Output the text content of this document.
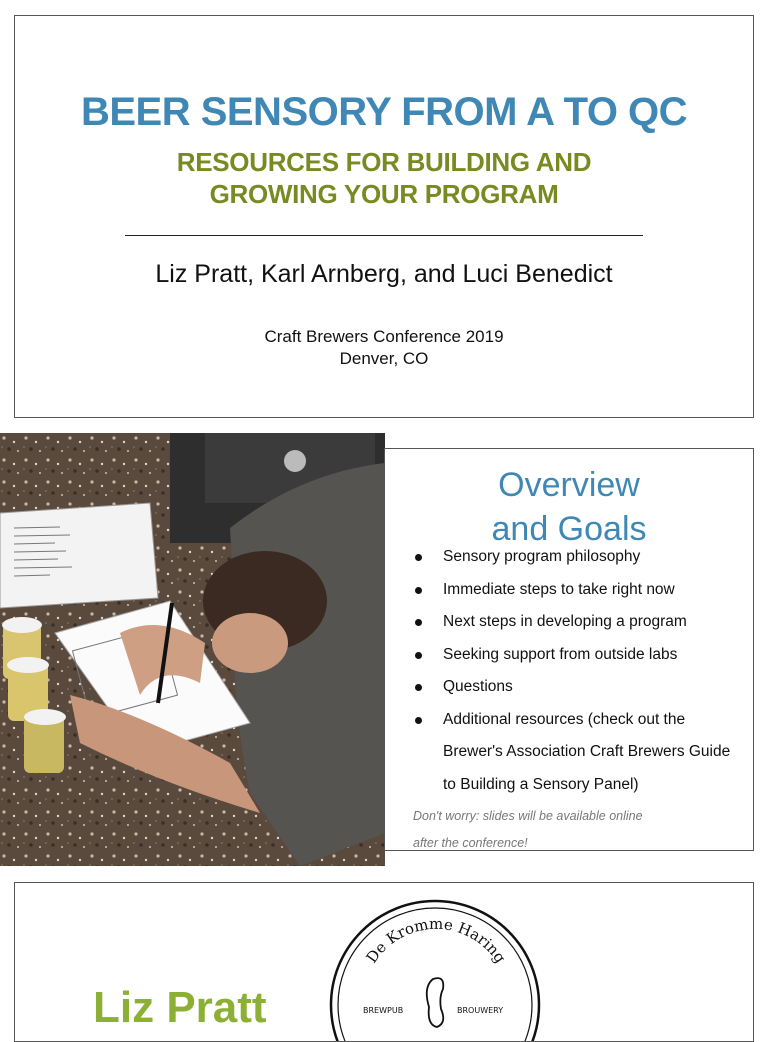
BEER SENSORY FROM A TO QC
RESOURCES FOR BUILDING AND
GROWING YOUR PROGRAM
Liz Pratt, Karl Arnberg, and Luci Benedict
Craft Brewers Conference 2019
Denver, CO
Overview
and Goals
Sensory program philosophy
Immediate steps to take right now
Next steps in developing a program
Seeking support from outside labs
Questions
Additional resources (check out the Brewer's Association Craft Brewers Guide to Building a Sensory Panel)
Don't worry: slides will be available online
after the conference!
Liz Pratt
De Kromme Haring
BREWPUB	BROUWERY
